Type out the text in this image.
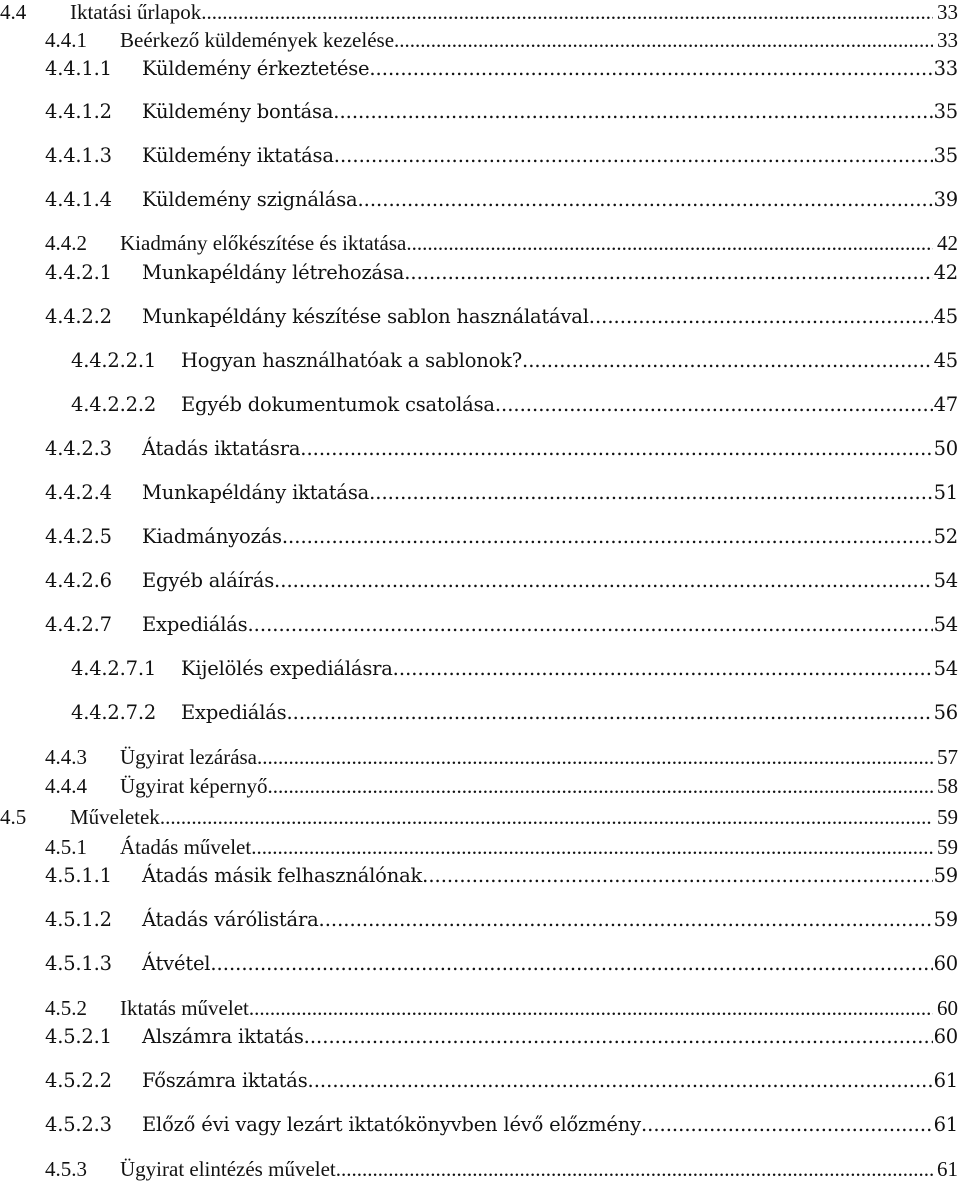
4.4	Iktatási űrlapok .....	33
4.4.1	Beérkező küldemények kezelése .....	33
4.4.1.1	Küldemény érkeztetése .....	33
4.4.1.2	Küldemény bontása .....	35
4.4.1.3	Küldemény iktatása .....	35
4.4.1.4	Küldemény szignálása .....	39
4.4.2	Kiadmány előkészítése és iktatása .....	42
4.4.2.1	Munkapéldány létrehozása .....	42
4.4.2.2	Munkapéldány készítése sablon használatával .....	45
4.4.2.2.1	Hogyan használhatóak a sablonok? .....	45
4.4.2.2.2	Egyéb dokumentumok csatolása .....	47
4.4.2.3	Átadás iktatásra .....	50
4.4.2.4	Munkapéldány iktatása .....	51
4.4.2.5	Kiadmányozás .....	52
4.4.2.6	Egyéb aláírás .....	54
4.4.2.7	Expediálás .....	54
4.4.2.7.1	Kijelölés expediálásra .....	54
4.4.2.7.2	Expediálás .....	56
4.4.3	Ügyirat lezárása .....	57
4.4.4	Ügyirat képernyő .....	58
4.5	Műveletek .....	59
4.5.1	Átadás művelet .....	59
4.5.1.1	Átadás másik felhasználónak .....	59
4.5.1.2	Átadás várólistára .....	59
4.5.1.3	Átvétel .....	60
4.5.2	Iktatás művelet .....	60
4.5.2.1	Alszámra iktatás .....	60
4.5.2.2	Főszámra iktatás .....	61
4.5.2.3	Előző évi vagy lezárt iktatókönyvben lévő előzmény .....	61
4.5.3	Ügyirat elintézés művelet .....	61
